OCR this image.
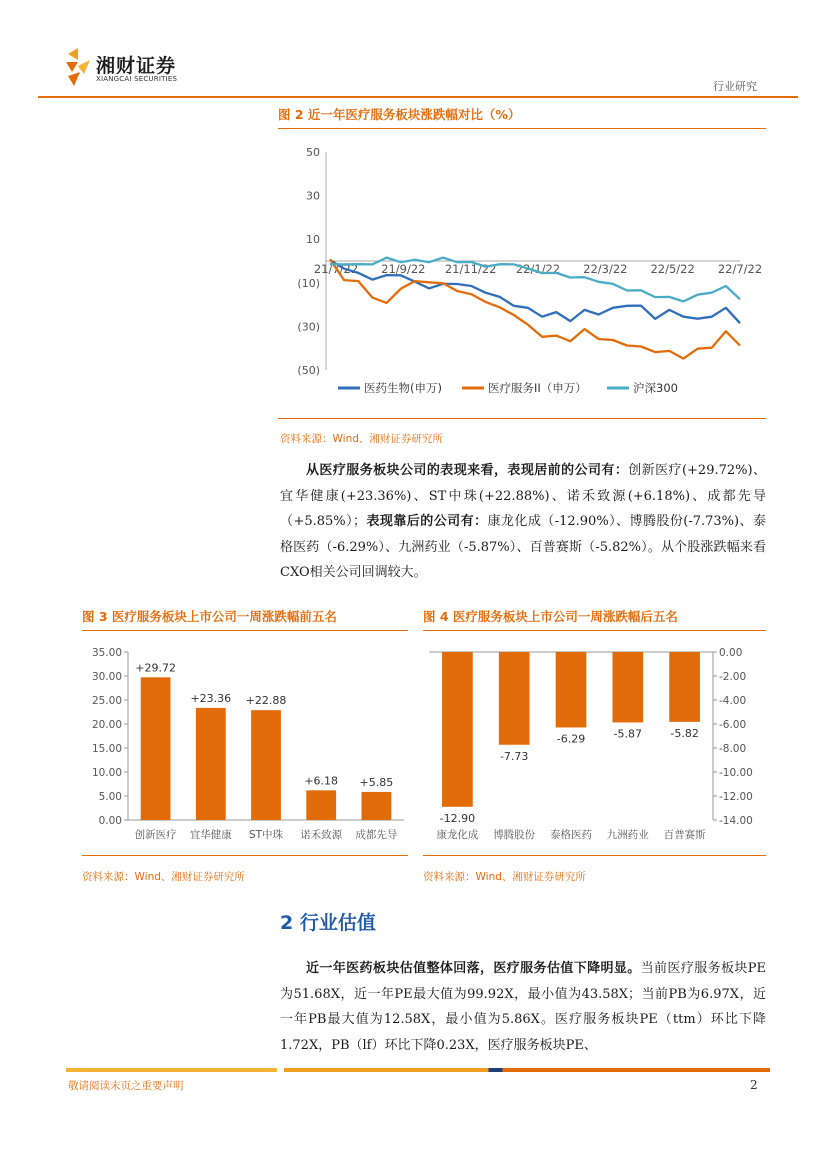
湘财证券
XIANGCAI SECURITIES
行业研究
图 2 近一年医疗服务板块涨跌幅对比（%）
50
30
10
(10)
(30)
(50)
21/7/22 21/9/22 21/11/22 22/1/22 22/3/22 22/5/22 22/7/22
医药生物(申万)	医疗服务II（申万）	沪深300
资料来源：Wind、湘财证券研究所
从医疗服务板块公司的表现来看，表现居前的公司有：创新医疗(+29.72%)、宜华健康(+23.36%)、ST中珠(+22.88%)、诺禾致源(+6.18%)、成都先导（+5.85%）；表现靠后的公司有：康龙化成（-12.90%）、博腾股份(-7.73%)、泰格医药（-6.29%）、九洲药业（-5.87%）、百普赛斯（-5.82%）。从个股涨跌幅来看CXO相关公司回调较大。
图 3 医疗服务板块上市公司一周涨跌幅前五名
35.00
30.00
25.00
20.00
15.00
10.00
5.00
0.00
+29.72
创新医疗
+23.36
宜华健康
+22.88
ST中珠
+6.18
诺禾致源
+5.85
成都先导
资料来源：Wind、湘财证券研究所
图 4 医疗服务板块上市公司一周涨跌幅后五名
0.00
-2.00
-4.00
-6.00
-8.00
-10.00
-12.00
-14.00
-12.90
康龙化成
-7.73
博腾股份
-6.29
泰格医药
-5.87
九洲药业
-5.82
百普赛斯
资料来源：Wind、湘财证券研究所
2 行业估值
近一年医药板块估值整体回落，医疗服务估值下降明显。当前医疗服务板块PE为51.68X，近一年PE最大值为99.92X，最小值为43.58X；当前PB为6.97X，近一年PB最大值为12.58X，最小值为5.86X。医疗服务板块PE（ttm）环比下降1.72X，PB（lf）环比下降0.23X，医疗服务板块PE、
敬请阅读末页之重要声明	2
